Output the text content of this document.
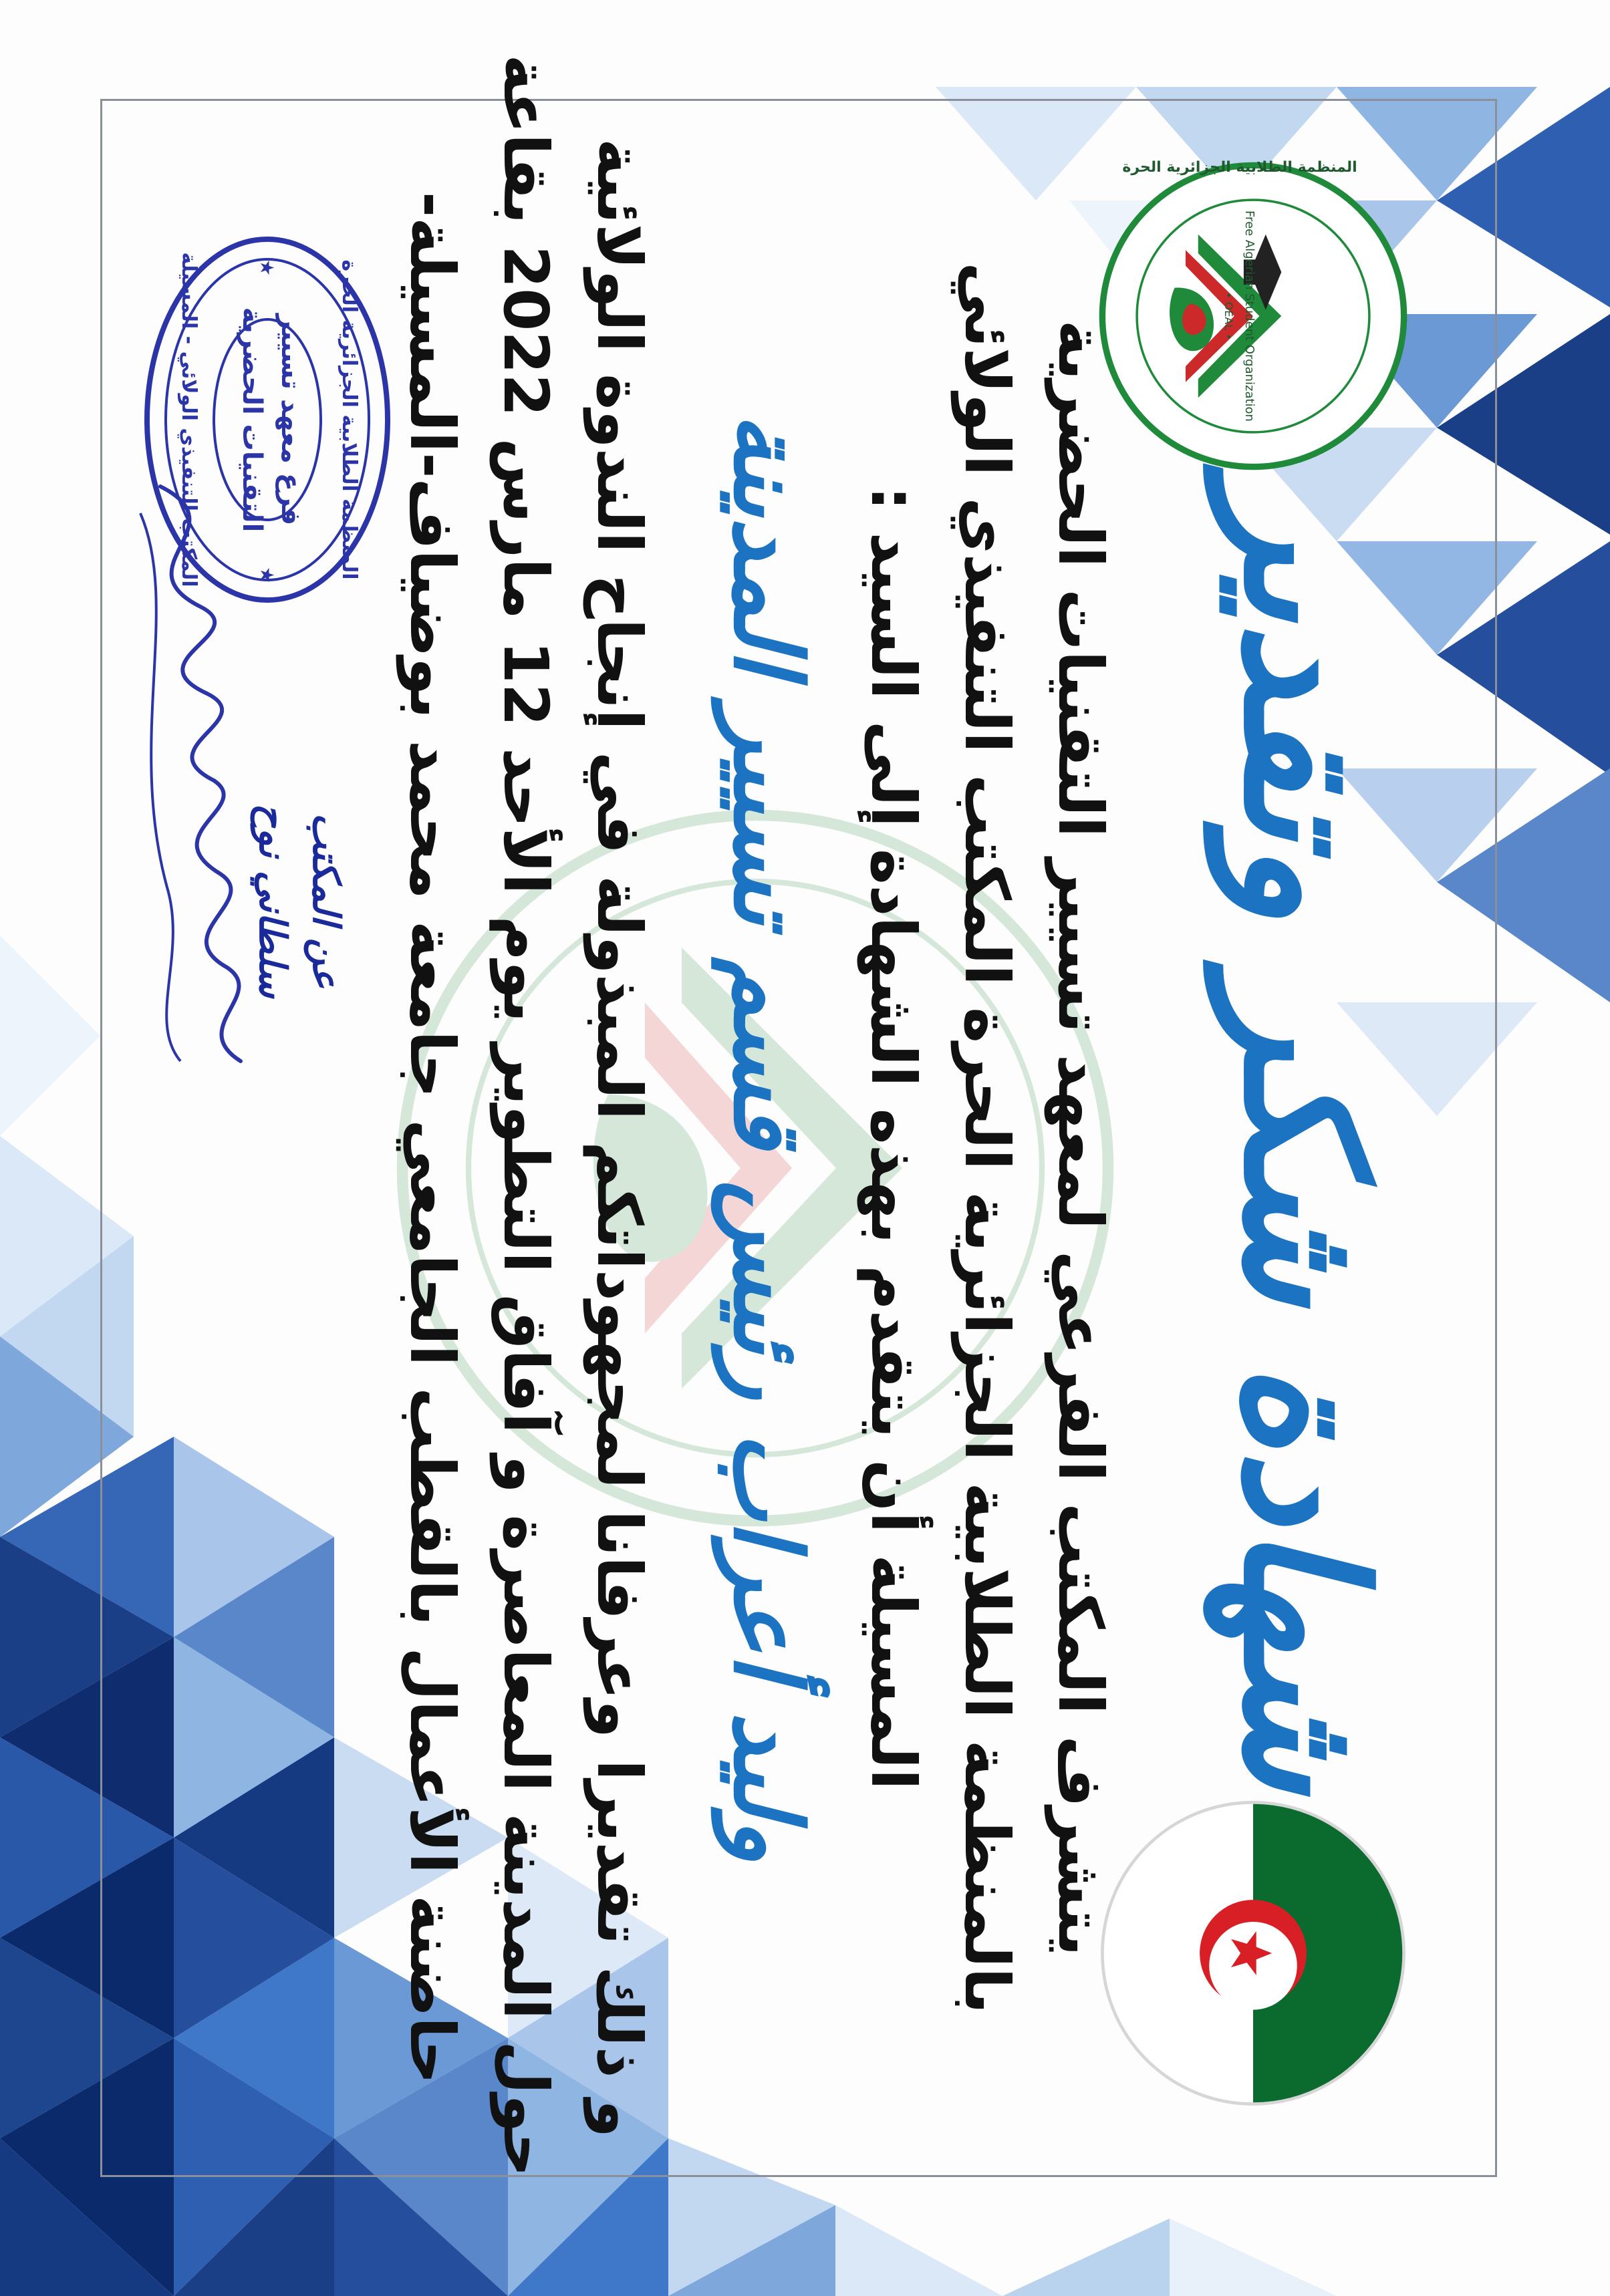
المنظمة الطلابية الجزائرية الحرة
Free Algerian Student Organization
• OEAL •
شهادة شكر وتقدير
يتشرف المكتب الفرعي لمعهد تسيير التقنيات الحضرية
بالمنظمة الطلابية الجزائرية الحرة المكتب التنفيذي الولائي
المسيلة أن يتقدم بهذه الشهادة إلى السيد :
وليد أعراب رئيس قسم تسيير المدينة
و ذلك تقديرا وعرفانا لمجهوداتكم المبذولة في إنجاح الندوة الولائية
حول المدينة المعاصرة و آفاق التطوير يوم الأحد 12 مارس 2022 بقاعة
حاضنة الأعمال بالقطب الجامعي جامعة محمد بوضياف-المسيلة-
عن المكتب
سلطاني نوح
★
★	المنظمة الطلابية الجزائرية الحرة
فرع معهد تسيير
التقنيات الحضرية
المكتب التنفيذي الولائي - المسيلة
